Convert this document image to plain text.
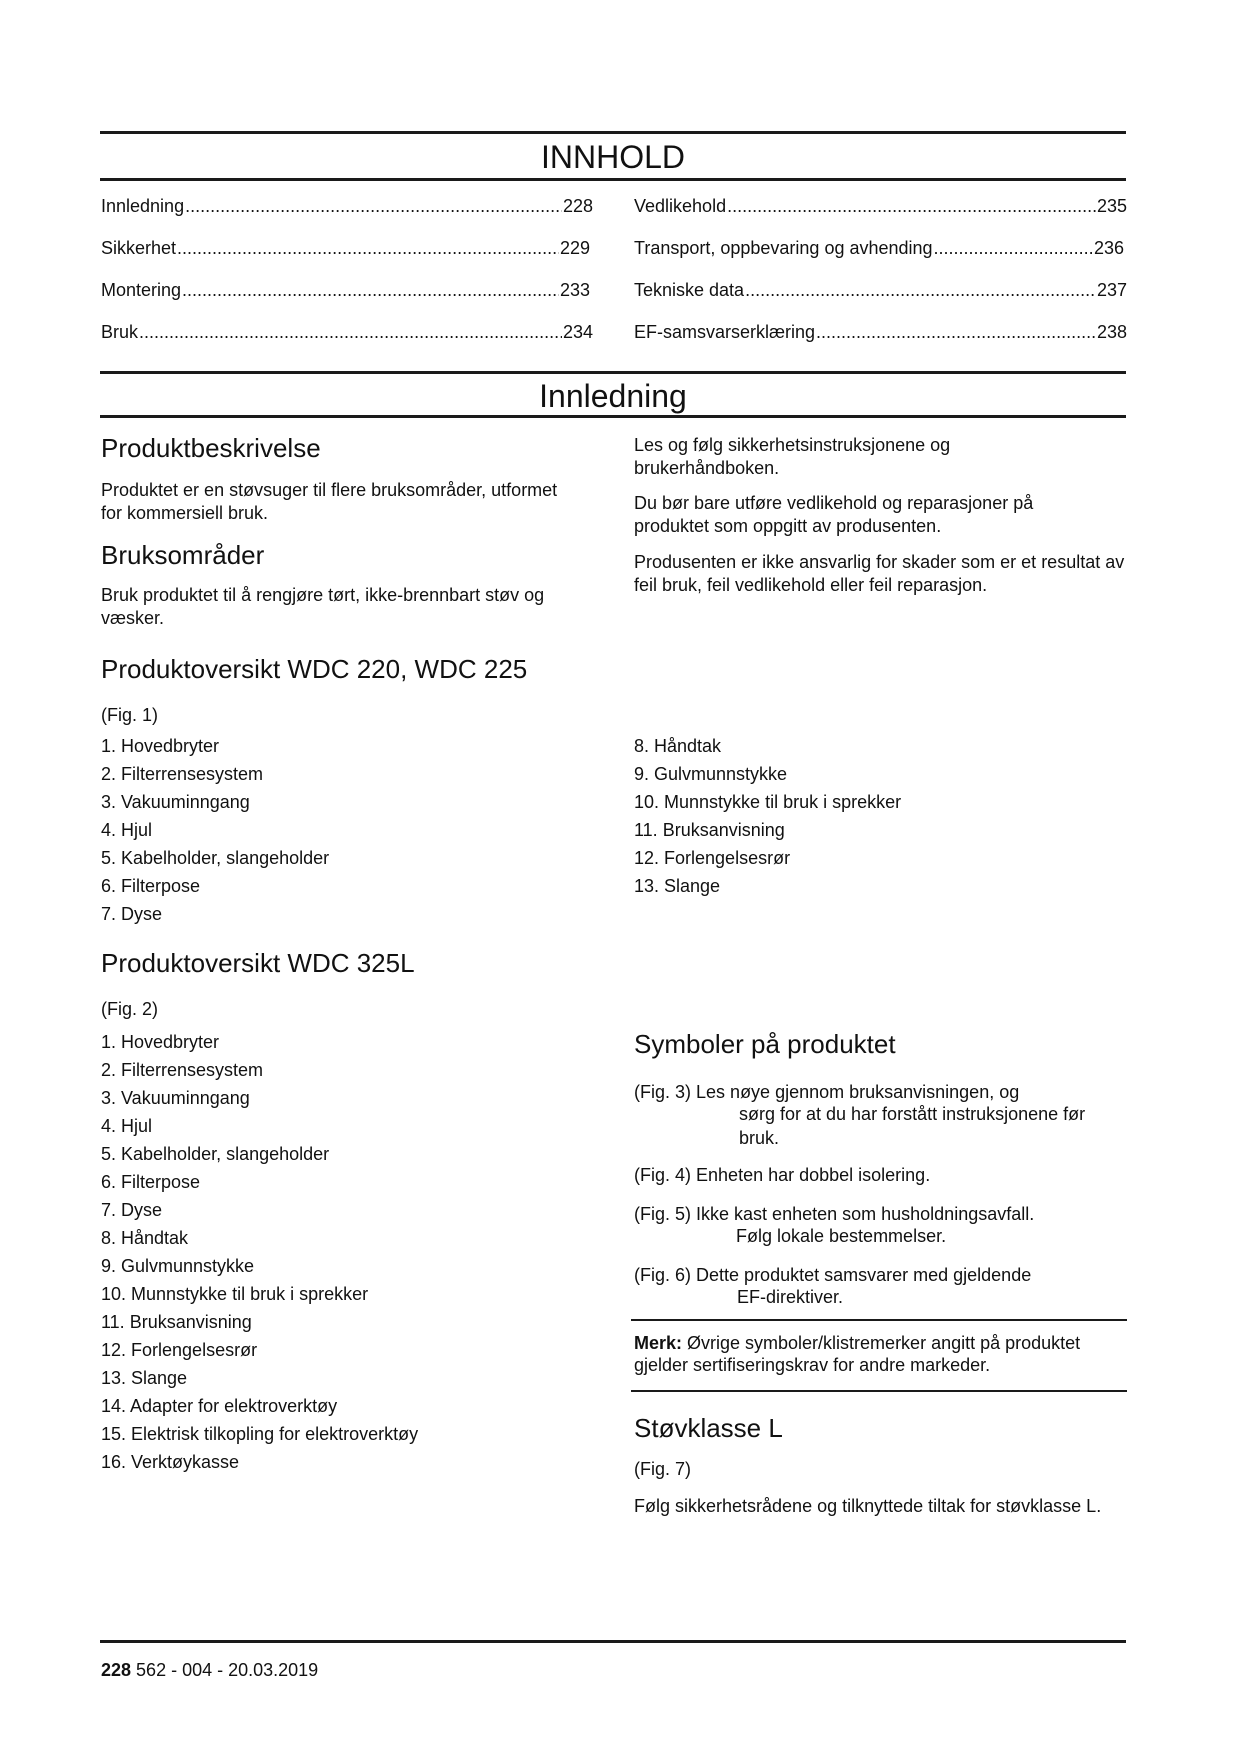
INNHOLD
Innledning .....	228
Sikkerhet .....	229
Montering .....	233
Bruk .....	234
Vedlikehold .....	235
Transport, oppbevaring og avhending .....	236
Tekniske data .....	237
EF-samsvarserklæring .....	238
Innledning
Produktbeskrivelse

Produktet er en støvsuger til flere bruksområder, utformet for kommersiell bruk.

Bruksområder

Bruk produktet til å rengjøre tørt, ikke-brennbart støv og væsker.

Les og følg sikkerhetsinstruksjonene og brukerhåndboken.

Du bør bare utføre vedlikehold og reparasjoner på produktet som oppgitt av produsenten.

Produsenten er ikke ansvarlig for skader som er et resultat av feil bruk, feil vedlikehold eller feil reparasjon.

Produktoversikt WDC 220, WDC 225

(Fig. 1)

1. Hovedbryter
2. Filterrensesystem
3. Vakuuminngang
4. Hjul
5. Kabelholder, slangeholder
6. Filterpose
7. Dyse
8. Håndtak
9. Gulvmunnstykke
10. Munnstykke til bruk i sprekker
11. Bruksanvisning
12. Forlengelsesrør
13. Slange
Produktoversikt WDC 325L

(Fig. 2)

1. Hovedbryter
2. Filterrensesystem
3. Vakuuminngang
4. Hjul
5. Kabelholder, slangeholder
6. Filterpose
7. Dyse
8. Håndtak
9. Gulvmunnstykke
10. Munnstykke til bruk i sprekker
11. Bruksanvisning
12. Forlengelsesrør
13. Slange
14. Adapter for elektroverktøy
15. Elektrisk tilkopling for elektroverktøy
16. Verktøykasse
Symboler på produktet
(Fig. 3) Les nøye gjennom bruksanvisningen, og
sørg for at du har forstått instruksjonene før
bruk.
(Fig. 4) Enheten har dobbel isolering.
(Fig. 5) Ikke kast enheten som husholdningsavfall.
Følg lokale bestemmelser.
(Fig. 6) Dette produktet samsvarer med gjeldende
EF-direktiver.

Merk: Øvrige symboler/klistremerker angitt på produktet gjelder sertifiseringskrav for andre markeder.

Støvklasse L

(Fig. 7)

Følg sikkerhetsrådene og tilknyttede tiltak for støvklasse L.

228 562 - 004 - 20.03.2019
